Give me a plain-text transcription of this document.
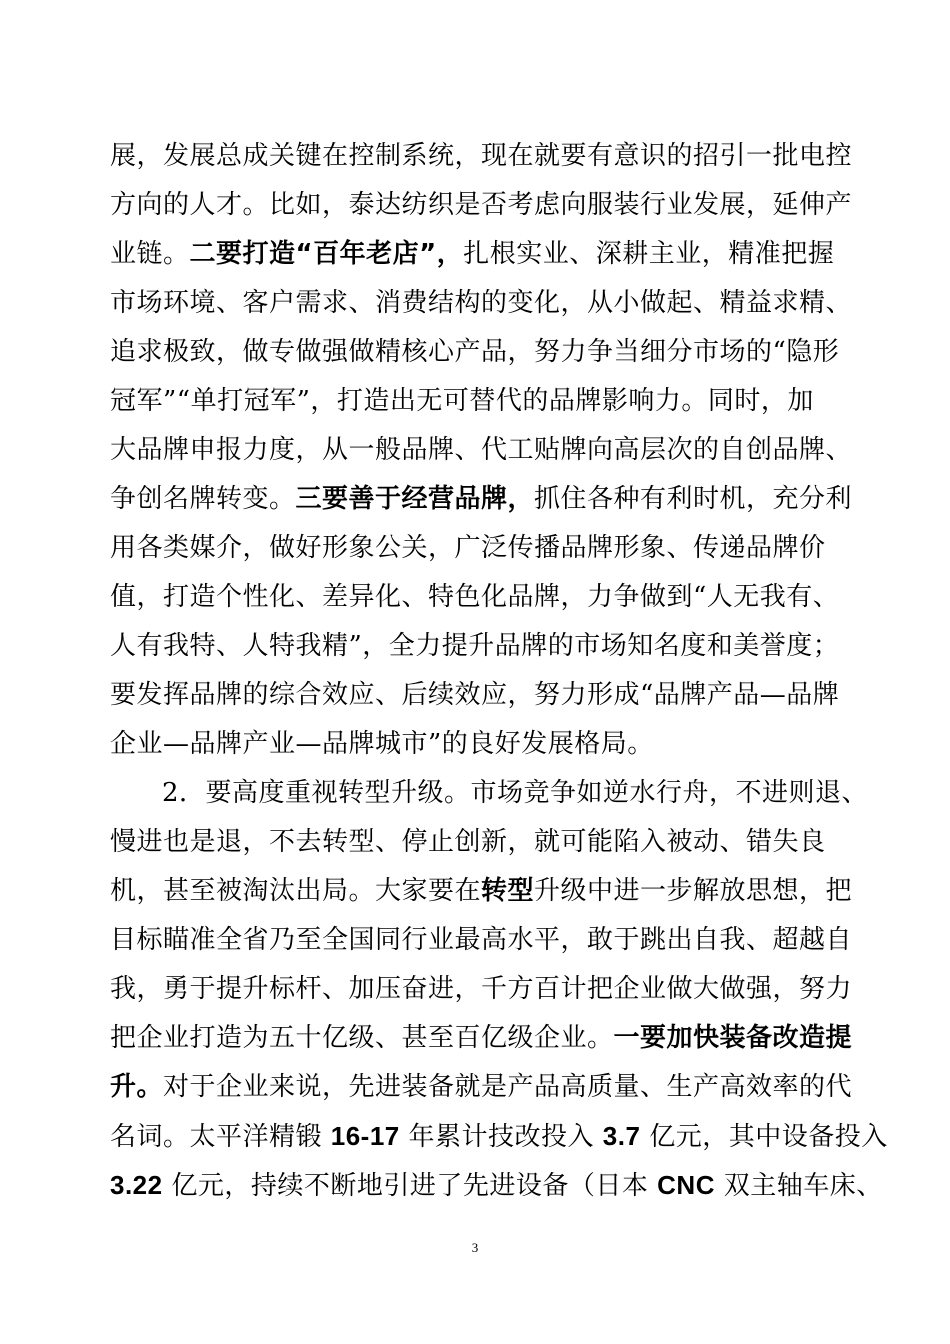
展，发展总成关键在控制系统，现在就要有意识的招引一批电控
方向的人才。比如，泰达纺织是否考虑向服装行业发展，延伸产
业链。二要打造“百年老店”，扎根实业、深耕主业，精准把握
市场环境、客户需求、消费结构的变化，从小做起、精益求精、
追求极致，做专做强做精核心产品，努力争当细分市场的“隐形
冠军”“单打冠军”，打造出无可替代的品牌影响力。同时，加
大品牌申报力度，从一般品牌、代工贴牌向高层次的自创品牌、
争创名牌转变。三要善于经营品牌，抓住各种有利时机，充分利
用各类媒介，做好形象公关，广泛传播品牌形象、传递品牌价
值，打造个性化、差异化、特色化品牌，力争做到“人无我有、
人有我特、人特我精”，全力提升品牌的市场知名度和美誉度；
要发挥品牌的综合效应、后续效应，努力形成“品牌产品—品牌
企业—品牌产业—品牌城市”的良好发展格局。
2．要高度重视转型升级。市场竞争如逆水行舟，不进则退、
慢进也是退，不去转型、停止创新，就可能陷入被动、错失良
机，甚至被淘汰出局。大家要在转型升级中进一步解放思想，把
目标瞄准全省乃至全国同行业最高水平，敢于跳出自我、超越自
我，勇于提升标杆、加压奋进，千方百计把企业做大做强，努力
把企业打造为五十亿级、甚至百亿级企业。一要加快装备改造提
升。对于企业来说，先进装备就是产品高质量、生产高效率的代
名词。太平洋精锻 16-17 年累计技改投入 3.7 亿元，其中设备投入
3.22 亿元，持续不断地引进了先进设备（日本 CNC 双主轴车床、
3
